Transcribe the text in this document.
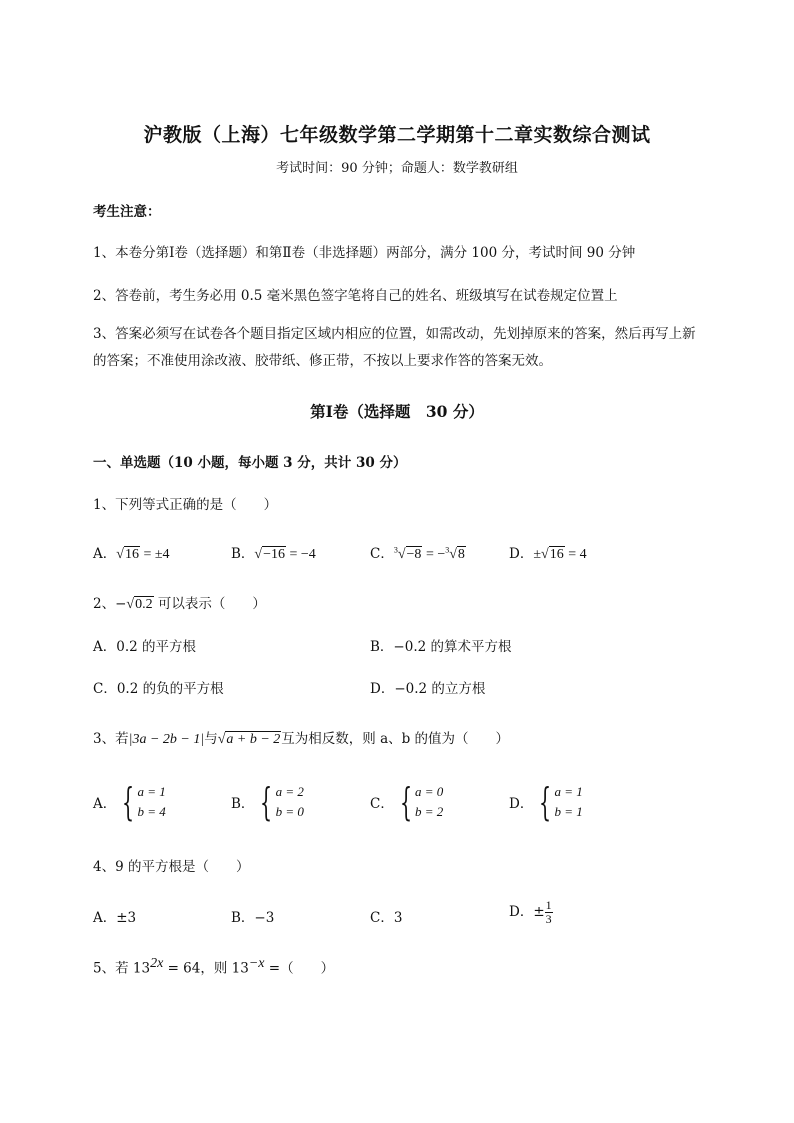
沪教版（上海）七年级数学第二学期第十二章实数综合测试
考试时间：90 分钟；命题人：数学教研组
考生注意：
1、本卷分第Ⅰ卷（选择题）和第Ⅱ卷（非选择题）两部分，满分 100 分，考试时间 90 分钟
2、答卷前，考生务必用 0.5 毫米黑色签字笔将自己的姓名、班级填写在试卷规定位置上
3、答案必须写在试卷各个题目指定区域内相应的位置，如需改动，先划掉原来的答案，然后再写上新的答案；不准使用涂改液、胶带纸、修正带，不按以上要求作答的答案无效。
第Ⅰ卷（选择题　30 分）
一、单选题（10 小题，每小题 3 分，共计 30 分）
1、下列等式正确的是（　　）
A．√16 = ±4	B．√−16 = −4	C．$^3$√−8 = −$^3$√8	D．±√16 = 4
2、−√0.2 可以表示（　　）
A．0.2 的平方根	B．−0.2 的算术平方根
C．0.2 的负的平方根	D．−0.2 的立方根
3、若|3a − 2b − 1|与√a + b − 2互为相反数，则 a、b 的值为（　　）
A． { a = 1
b = 4	B． { a = 2
b = 0	C． { a = 0
b = 2	D． { a = 1
b = 1
4、9 的平方根是（　　）
A．±3	B．−3	C．3	D．± $\frac{1}{3}$
5、若 $13^{2x} = 64$，则 $13^{-x}$ =（　　）
